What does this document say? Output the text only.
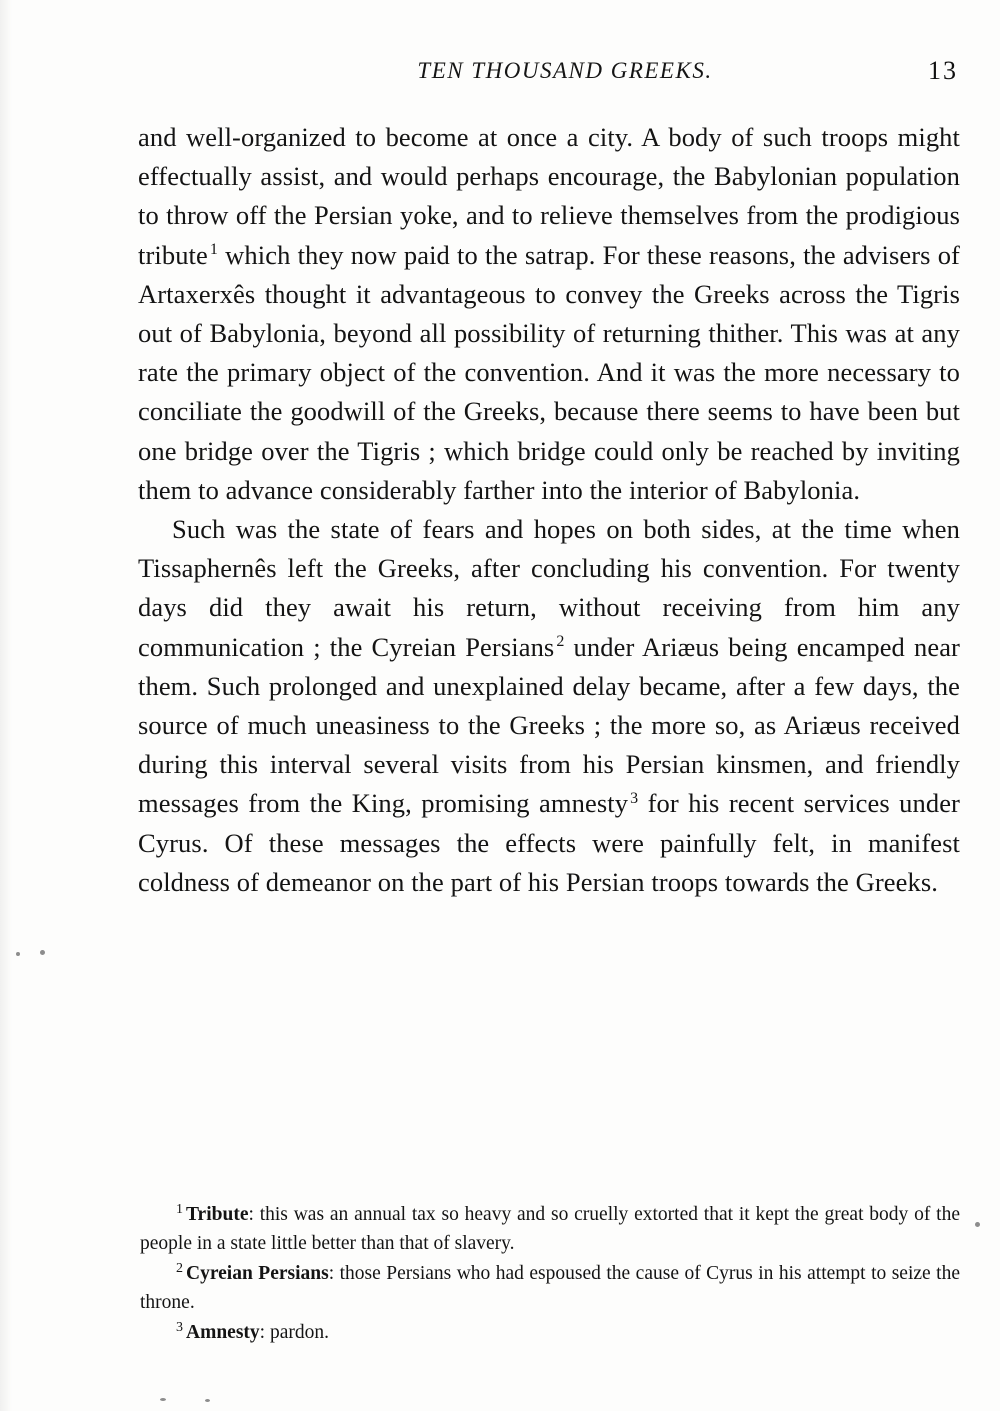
TEN THOUSAND GREEKS.	13

and well-organized to become at once a city. A body of such troops might effectually assist, and would perhaps encourage, the Babylonian population to throw off the Persian yoke, and to relieve themselves from the prodigious tribute $^1$ which they now paid to the satrap. For these reasons, the advisers of Artaxerxês thought it advantageous to convey the Greeks across the Tigris out of Babylonia, beyond all possibility of returning thither. This was at any rate the primary object of the convention. And it was the more necessary to conciliate the goodwill of the Greeks, because there seems to have been but one bridge over the Tigris ; which bridge could only be reached by inviting them to advance considerably farther into the interior of Babylonia.

Such was the state of fears and hopes on both sides, at the time when Tissaphernês left the Greeks, after concluding his convention. For twenty days did they await his return, without receiving from him any communication ; the Cyreian Persians $^2$ under Ariæus being encamped near them. Such prolonged and unexplained delay became, after a few days, the source of much uneasiness to the Greeks ; the more so, as Ariæus received during this interval several visits from his Persian kinsmen, and friendly messages from the King, promising amnesty $^3$ for his recent services under Cyrus. Of these messages the effects were painfully felt, in manifest coldness of demeanor on the part of his Persian troops towards the Greeks.

$^1$ Tribute: this was an annual tax so heavy and so cruelly extorted that it kept the great body of the people in a state little better than that of slavery.

$^2$ Cyreian Persians: those Persians who had espoused the cause of Cyrus in his attempt to seize the throne.

$^3$ Amnesty: pardon.
